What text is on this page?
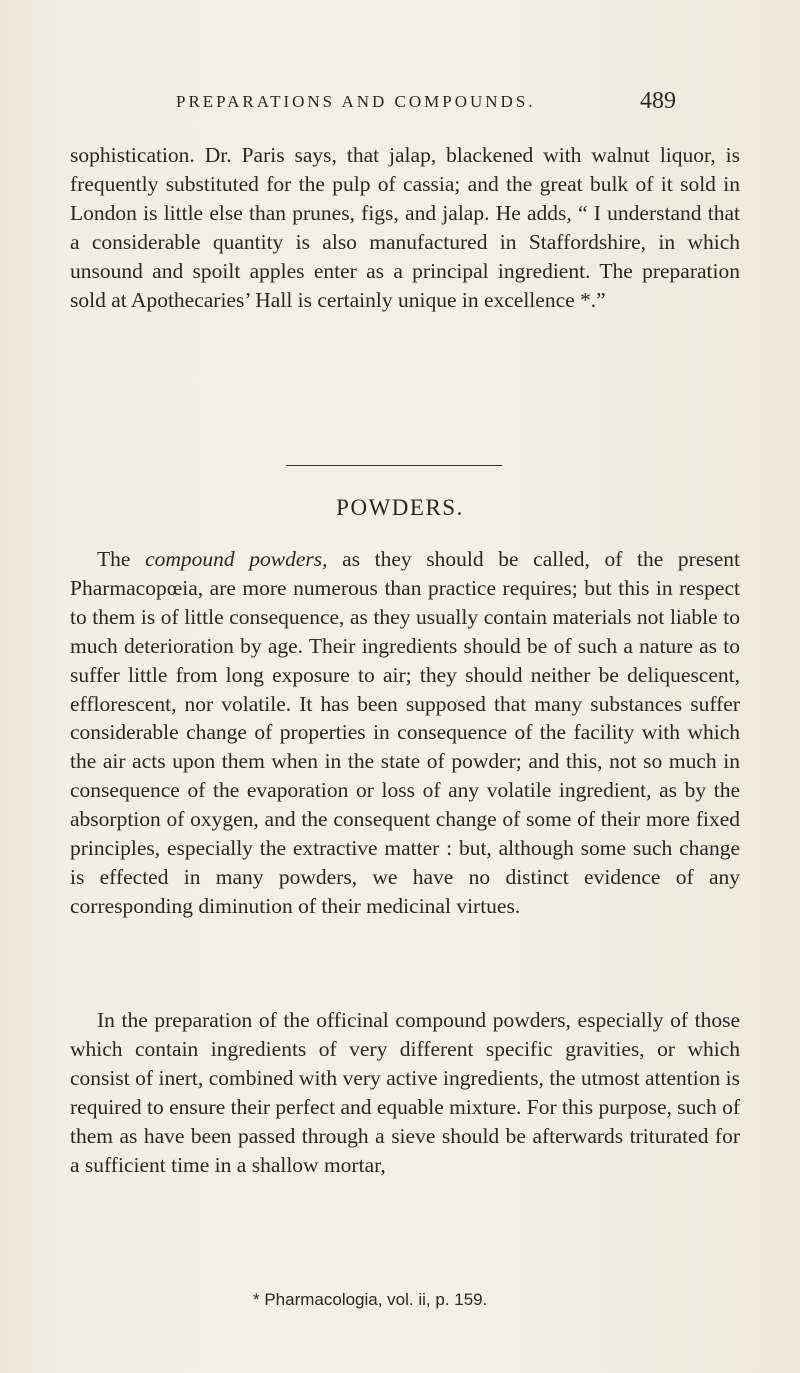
PREPARATIONS AND COMPOUNDS.	489

sophistication. Dr. Paris says, that jalap, blackened with walnut liquor, is frequently substituted for the pulp of cassia; and the great bulk of it sold in London is little else than prunes, figs, and jalap. He adds, “ I understand that a considerable quantity is also manufactured in Staffordshire, in which unsound and spoilt apples enter as a principal ingredient. The preparation sold at Apothecaries’ Hall is certainly unique in excellence *.”

POWDERS.

The compound powders, as they should be called, of the present Pharmacopœia, are more numerous than practice requires; but this in respect to them is of little consequence, as they usually contain materials not liable to much deterioration by age. Their ingredients should be of such a nature as to suffer little from long exposure to air; they should neither be deliquescent, efflorescent, nor volatile. It has been supposed that many substances suffer considerable change of properties in consequence of the facility with which the air acts upon them when in the state of powder; and this, not so much in consequence of the evaporation or loss of any volatile ingredient, as by the absorption of oxygen, and the consequent change of some of their more fixed principles, especially the extractive matter : but, although some such change is effected in many powders, we have no distinct evidence of any corresponding diminution of their medicinal virtues.

In the preparation of the officinal compound powders, especially of those which contain ingredients of very different specific gravities, or which consist of inert, combined with very active ingredients, the utmost attention is required to ensure their perfect and equable mixture. For this purpose, such of them as have been passed through a sieve should be afterwards triturated for a sufficient time in a shallow mortar,

* Pharmacologia, vol. ii, p. 159.
